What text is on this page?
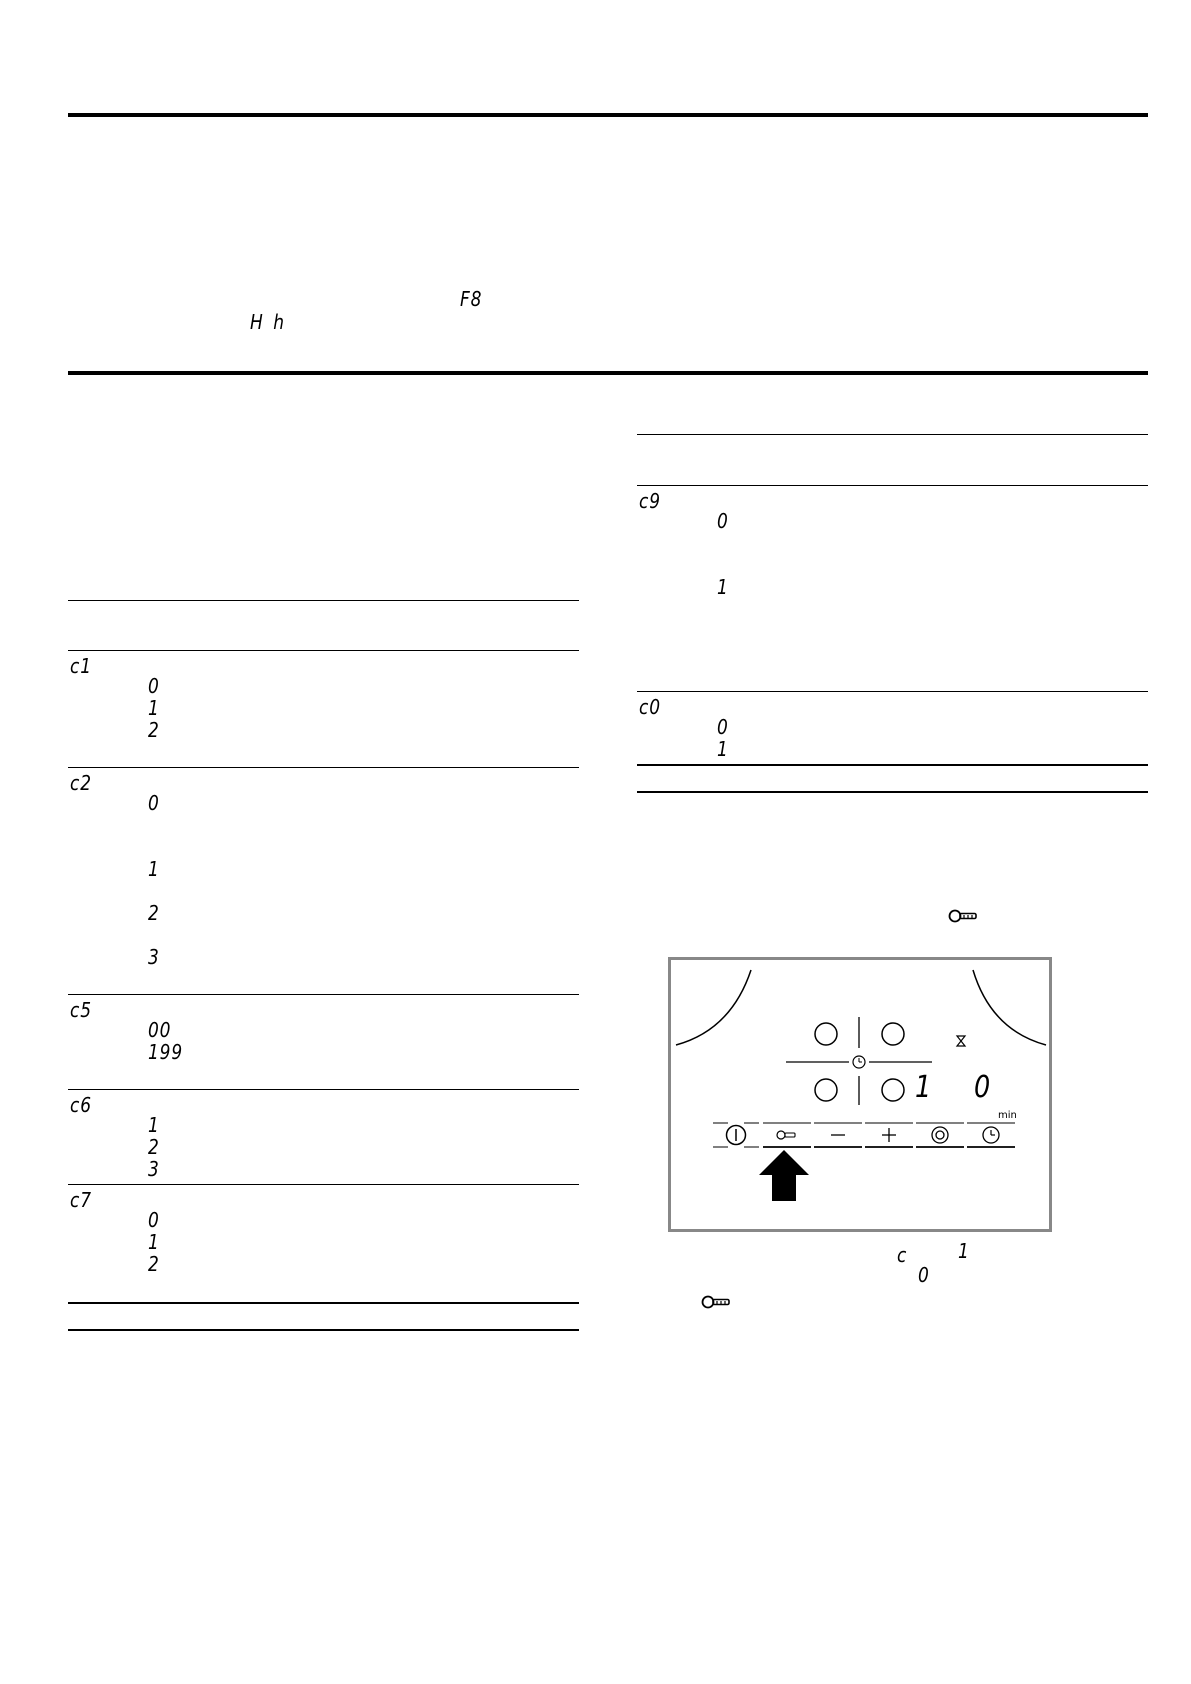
F8
H h
c1
0
1
2
c2
0
1
2
3
c5
00
199
c6
1
2
3
c7
0
1
2
c9
0
1
c0
0
1
1 0
min
c	1
0
